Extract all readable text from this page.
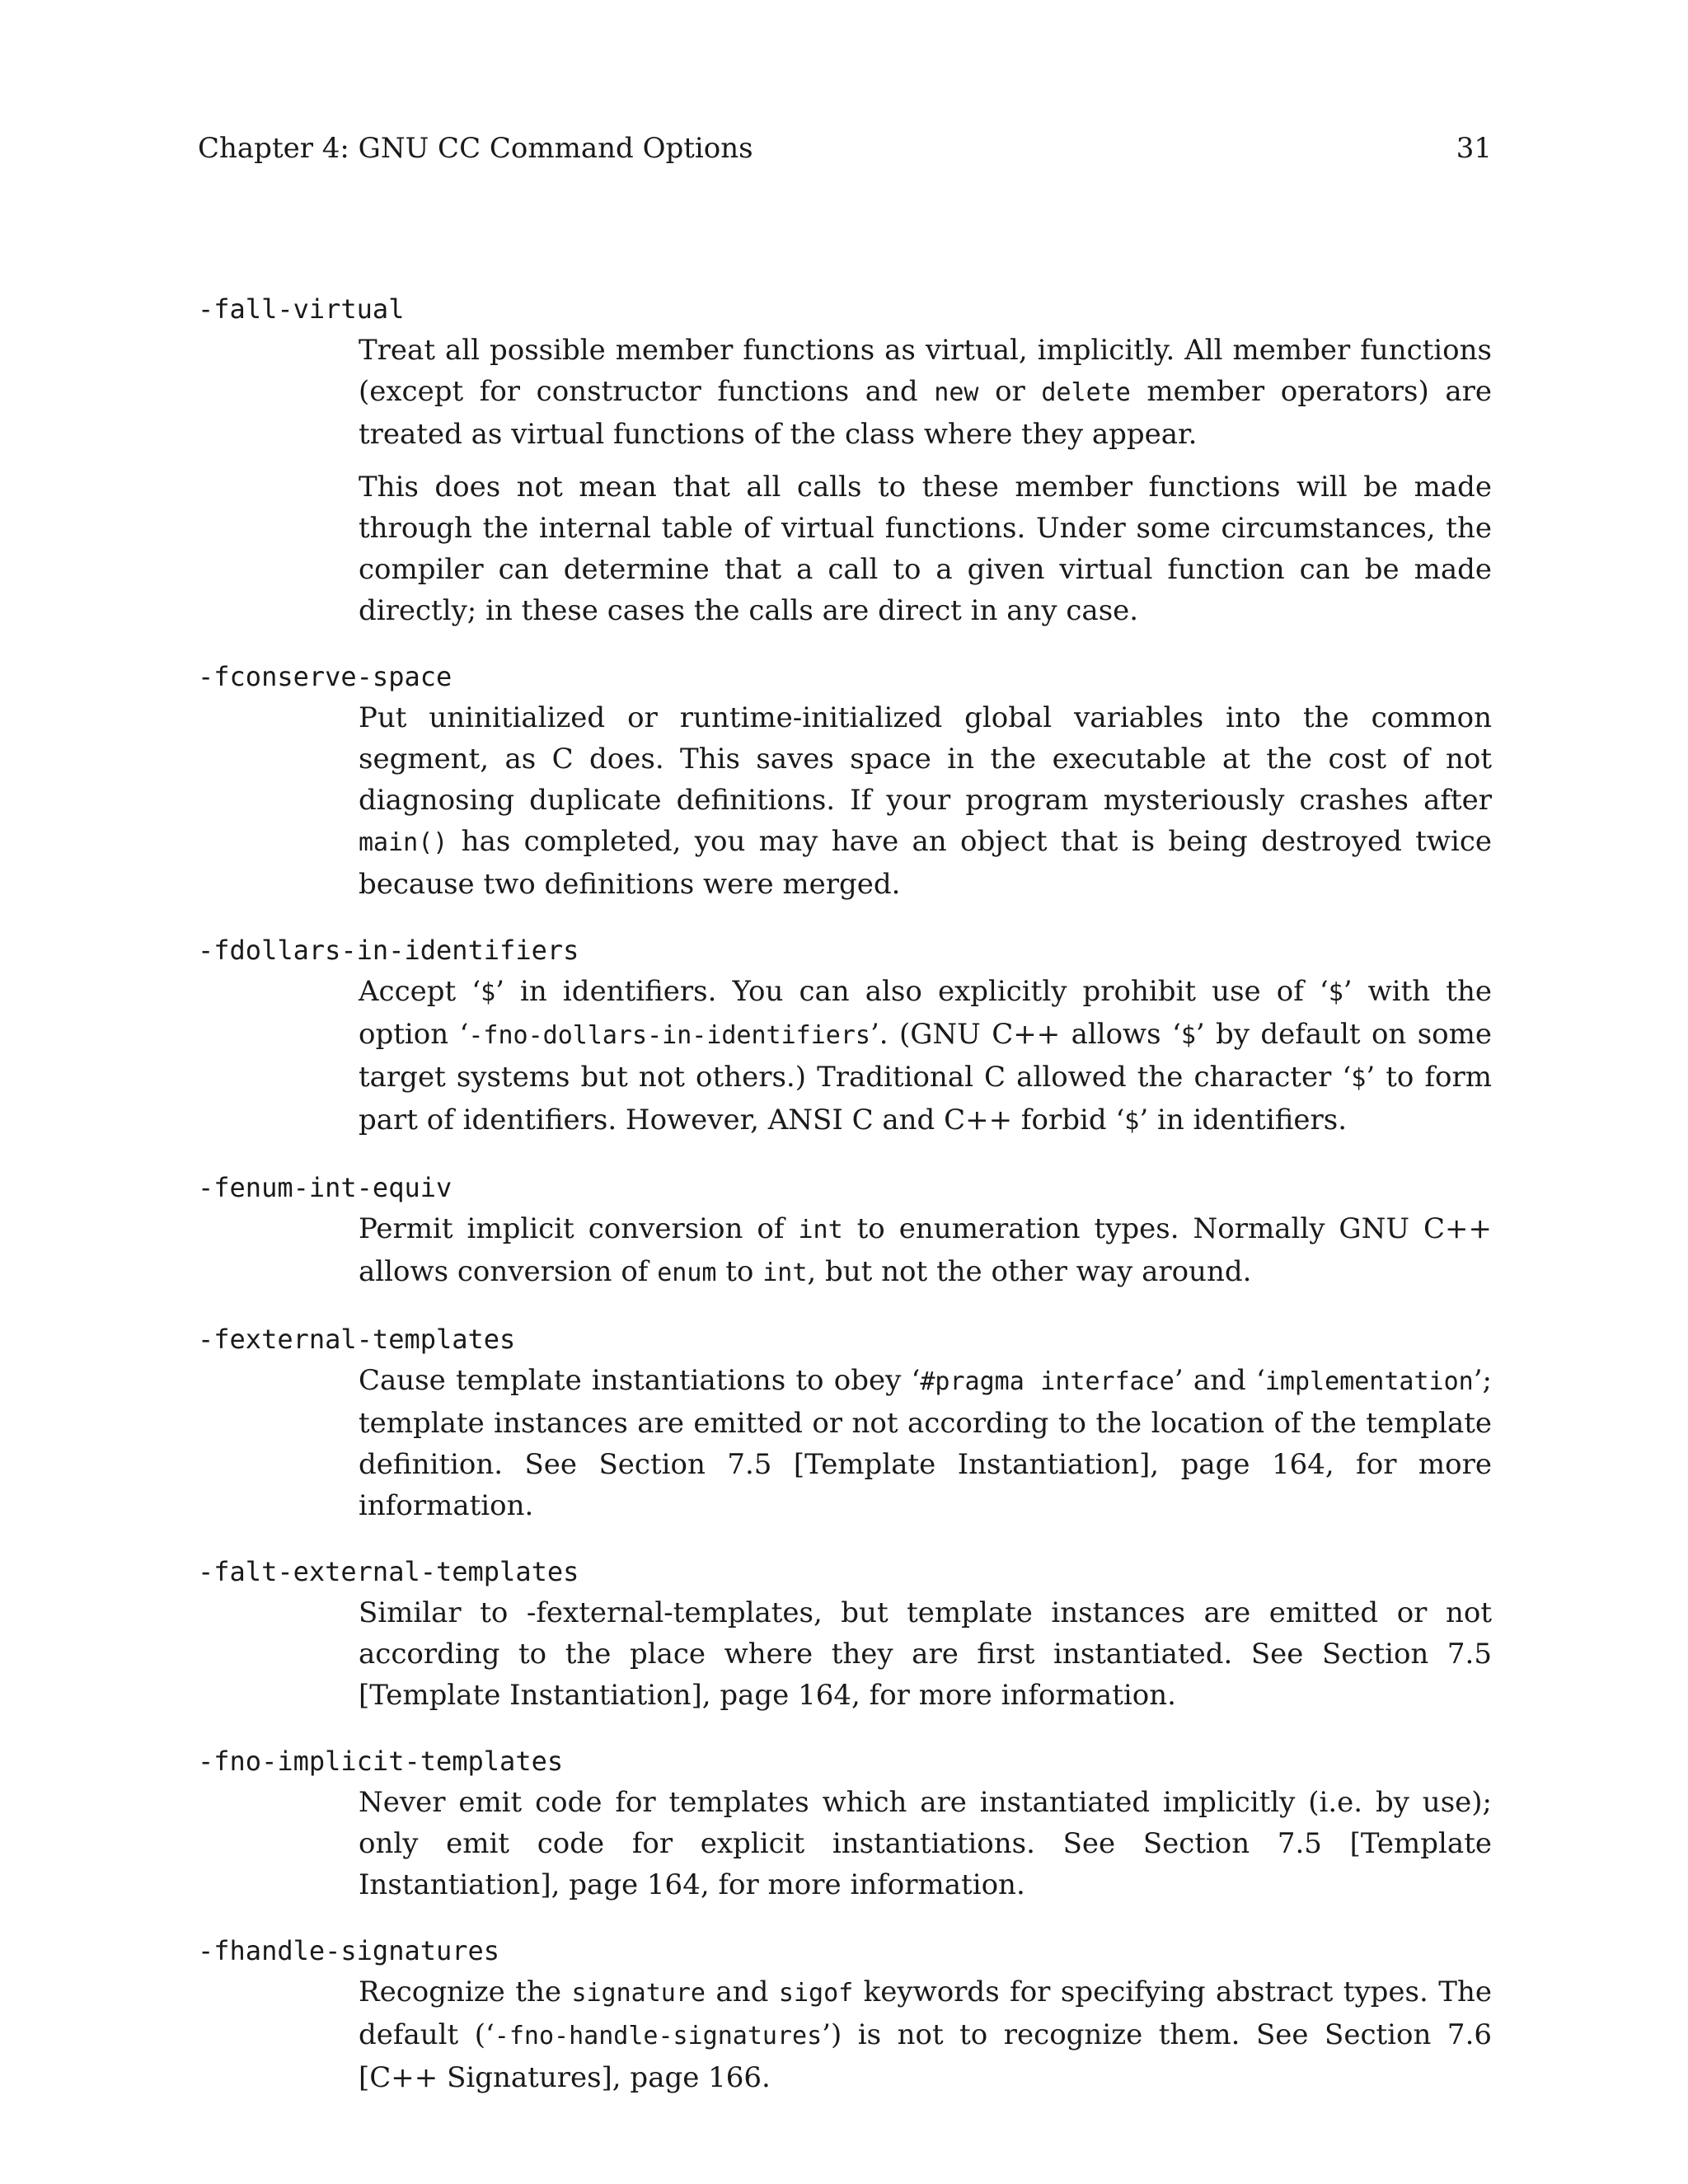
Chapter 4: GNU CC Command Options	31
-fall-virtual

Treat all possible member functions as virtual, implicitly. All member functions (except for constructor functions and new or delete member operators) are treated as virtual functions of the class where they appear.

This does not mean that all calls to these member functions will be made through the internal table of virtual functions. Under some circumstances, the compiler can determine that a call to a given virtual function can be made directly; in these cases the calls are direct in any case.

-fconserve-space

Put uninitialized or runtime-initialized global variables into the common segment, as C does. This saves space in the executable at the cost of not diagnosing duplicate definitions. If your program mysteriously crashes after main() has completed, you may have an object that is being destroyed twice because two definitions were merged.

-fdollars-in-identifiers

Accept ‘$’ in identifiers. You can also explicitly prohibit use of ‘$’ with the option ‘-fno-dollars-in-identifiers’. (GNU C++ allows ‘$’ by default on some target systems but not others.) Traditional C allowed the character ‘$’ to form part of identifiers. However, ANSI C and C++ forbid ‘$’ in identifiers.

-fenum-int-equiv

Permit implicit conversion of int to enumeration types. Normally GNU C++ allows conversion of enum to int, but not the other way around.

-fexternal-templates

Cause template instantiations to obey ‘#pragma interface’ and ‘implementation’; template instances are emitted or not according to the location of the template definition. See Section 7.5 [Template Instantiation], page 164, for more information.

-falt-external-templates

Similar to -fexternal-templates, but template instances are emitted or not according to the place where they are first instantiated. See Section 7.5 [Template Instantiation], page 164, for more information.

-fno-implicit-templates

Never emit code for templates which are instantiated implicitly (i.e. by use); only emit code for explicit instantiations. See Section 7.5 [Template Instantiation], page 164, for more information.

-fhandle-signatures

Recognize the signature and sigof keywords for specifying abstract types. The default (‘-fno-handle-signatures’) is not to recognize them. See Section 7.6 [C++ Signatures], page 166.
